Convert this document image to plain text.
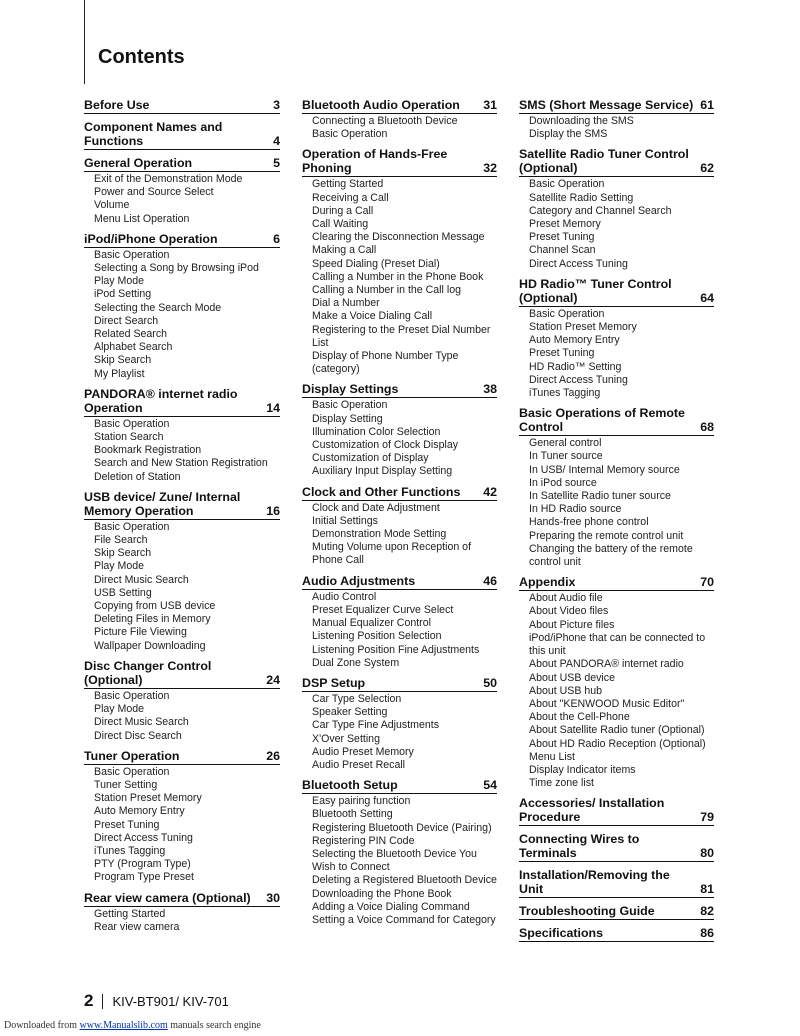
Contents
Before Use	3
Component Names and Functions	4
General Operation	5
Exit of the Demonstration Mode
Power and Source Select
Volume
Menu List Operation
iPod/iPhone Operation	6
Basic Operation
Selecting a Song by Browsing iPod
Play Mode
iPod Setting
Selecting the Search Mode
Direct Search
Related Search
Alphabet Search
Skip Search
My Playlist
PANDORA® internet radio Operation	14
Basic Operation
Station Search
Bookmark Registration
Search and New Station Registration
Deletion of Station
USB device/ Zune/ Internal Memory Operation	16
Basic Operation
File Search
Skip Search
Play Mode
Direct Music Search
USB Setting
Copying from USB device
Deleting Files in Memory
Picture File Viewing
Wallpaper Downloading
Disc Changer Control (Optional)	24
Basic Operation
Play Mode
Direct Music Search
Direct Disc Search
Tuner Operation	26
Basic Operation
Tuner Setting
Station Preset Memory
Auto Memory Entry
Preset Tuning
Direct Access Tuning
iTunes Tagging
PTY (Program Type)
Program Type Preset
Rear view camera (Optional)	30
Getting Started
Rear view camera
Bluetooth Audio Operation	31
Connecting a Bluetooth Device
Basic Operation
Operation of Hands-Free Phoning	32
Getting Started
Receiving a Call
During a Call
Call Waiting
Clearing the Disconnection Message
Making a Call
Speed Dialing (Preset Dial)
Calling a Number in the Phone Book
Calling a Number in the Call log
Dial a Number
Make a Voice Dialing Call
Registering to the Preset Dial Number List
Display of Phone Number Type (category)
Display Settings	38
Basic Operation
Display Setting
Illumination Color Selection
Customization of Clock Display
Customization of Display
Auxiliary Input Display Setting
Clock and Other Functions	42
Clock and Date Adjustment
Initial Settings
Demonstration Mode Setting
Muting Volume upon Reception of Phone Call
Audio Adjustments	46
Audio Control
Preset Equalizer Curve Select
Manual Equalizer Control
Listening Position Selection
Listening Position Fine Adjustments
Dual Zone System
DSP Setup	50
Car Type Selection
Speaker Setting
Car Type Fine Adjustments
X'Over Setting
Audio Preset Memory
Audio Preset Recall
Bluetooth Setup	54
Easy pairing function
Bluetooth Setting
Registering Bluetooth Device (Pairing)
Registering PIN Code
Selecting the Bluetooth Device You Wish to Connect
Deleting a Registered Bluetooth Device
Downloading the Phone Book
Adding a Voice Dialing Command
Setting a Voice Command for Category
SMS (Short Message Service) 61
Downloading the SMS
Display the SMS
Satellite Radio Tuner Control (Optional)	62
Basic Operation
Satellite Radio Setting
Category and Channel Search
Preset Memory
Preset Tuning
Channel Scan
Direct Access Tuning
HD Radio™ Tuner Control (Optional)	64
Basic Operation
Station Preset Memory
Auto Memory Entry
Preset Tuning
HD Radio™ Setting
Direct Access Tuning
iTunes Tagging
Basic Operations of Remote Control	68
General control
In Tuner source
In USB/ Internal Memory source
In iPod source
In Satellite Radio tuner source
In HD Radio source
Hands-free phone control
Preparing the remote control unit
Changing the battery of the remote control unit
Appendix	70
About Audio file
About Video files
About Picture files
iPod/iPhone that can be connected to this unit
About PANDORA® internet radio
About USB device
About USB hub
About "KENWOOD Music Editor"
About the Cell-Phone
About Satellite Radio tuner (Optional)
About HD Radio Reception (Optional)
Menu List
Display Indicator items
Time zone list
Accessories/ Installation Procedure	79
Connecting Wires to Terminals	80
Installation/Removing the Unit	81
Troubleshooting Guide	82
Specifications	86
2 KIV-BT901/ KIV-701
Downloaded from www.Manualslib.com manuals search engine
